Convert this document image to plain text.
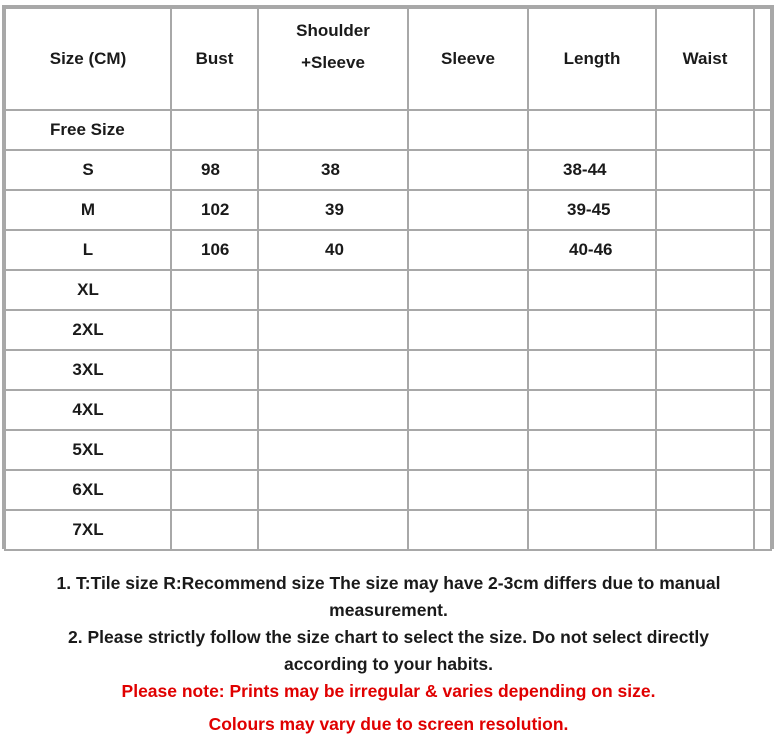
Size (CM)	Bust	Shoulder
+Sleeve	Sleeve	Length	Waist	
Free Size						
S	98	38		38-44		
M	102	39		39-45		
L	106	40		40-46		
XL						
2XL						
3XL						
4XL						
5XL						
6XL						
7XL						
1. T:Tile size R:Recommend size The size may have 2-3cm differs due to manual
measurement.
2. Please strictly follow the size chart to select the size. Do not select directly
according to your habits.
Please note: Prints may be irregular & varies depending on size.
Colours may vary due to screen resolution.
